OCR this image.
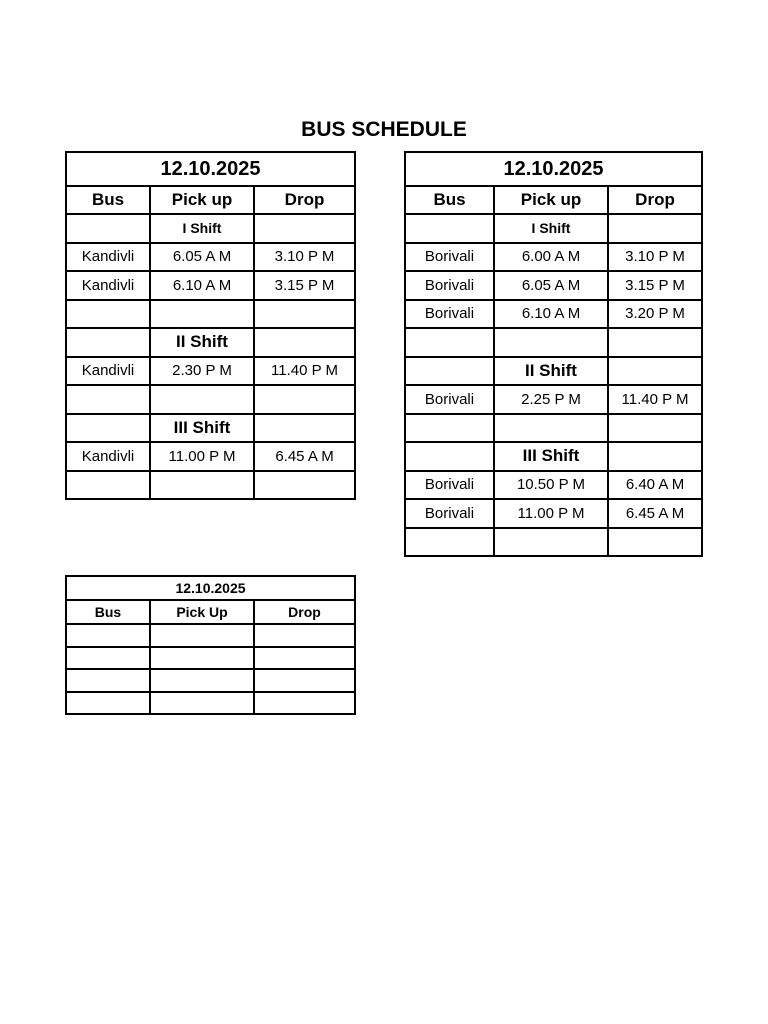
BUS SCHEDULE
12.10.2025		
Bus	Pick up	Drop
	I Shift	
Kandivli	6.05 A M	3.10 P M
Kandivli	6.10 A M	3.15 P M

	II Shift	
Kandivli	2.30 P M	11.40 P M

	III Shift	
Kandivli	11.00 P M	6.45 A M

12.10.2025		
Bus	Pick up	Drop
	I Shift	
Borivali	6.00 A M	3.10 P M
Borivali	6.05 A M	3.15 P M
Borivali	6.10 A M	3.20 P M

	II Shift	
Borivali	2.25 P M	11.40 P M

	III Shift	
Borivali	10.50 P M	6.40 A M
Borivali	11.00 P M	6.45 A M

12.10.2025		
Bus	Pick Up	Drop
